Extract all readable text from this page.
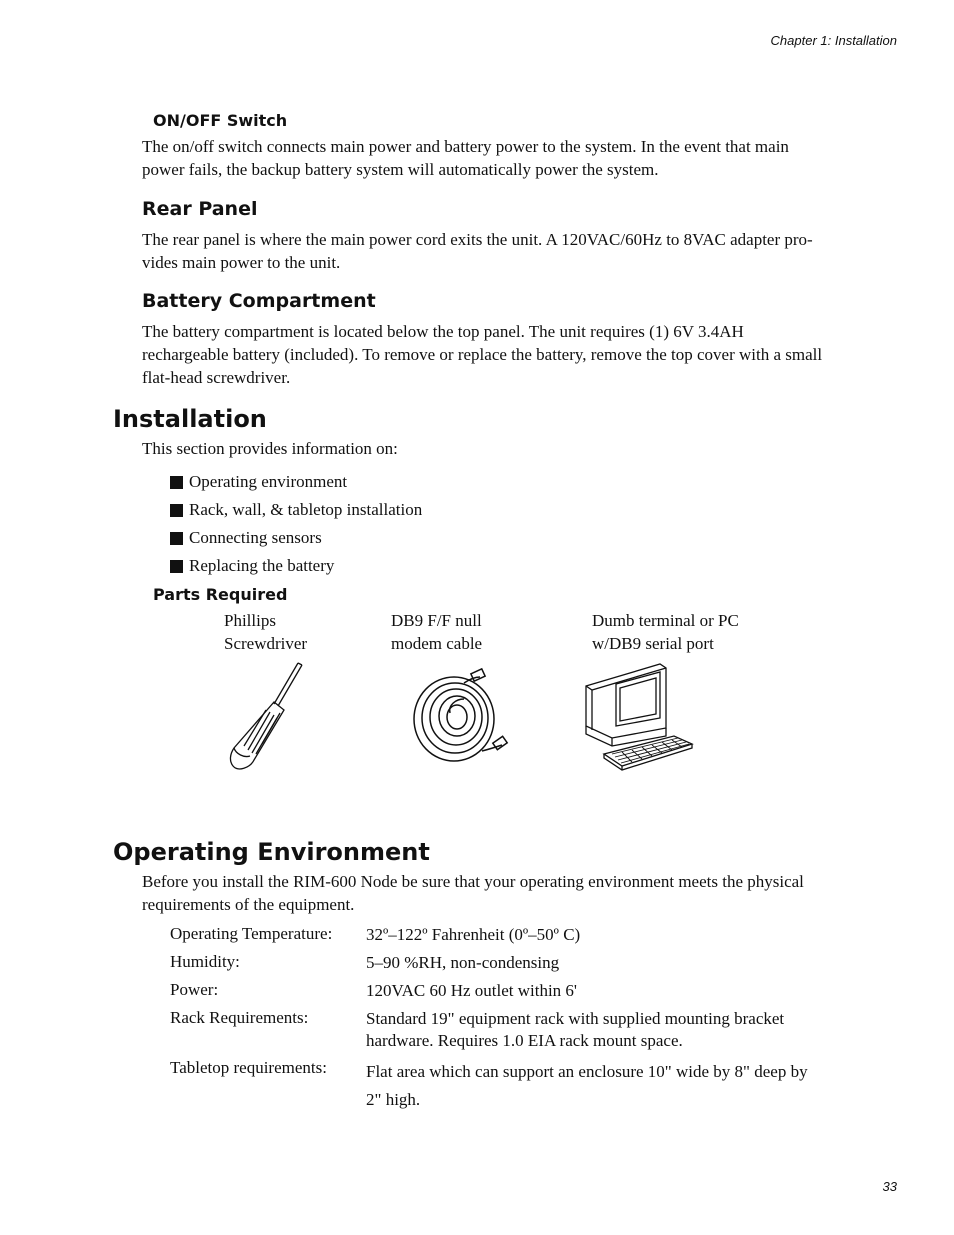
Chapter 1: Installation
ON/OFF Switch
The on/off switch connects main power and battery power to the system. In the event that main
power fails, the backup battery system will automatically power the system.
Rear Panel
The rear panel is where the main power cord exits the unit. A 120VAC/60Hz to 8VAC adapter pro-
vides main power to the unit.
Battery Compartment
The battery compartment is located below the top panel. The unit requires (1) 6V 3.4AH
rechargeable battery (included). To remove or replace the battery, remove the top cover with a small
flat-head screwdriver.
Installation
This section provides information on:
Operating environment
Rack, wall, & tabletop installation
Connecting sensors
Replacing the battery
Parts Required
Phillips
Screwdriver
DB9 F/F null
modem cable
Dumb terminal or PC
w/DB9 serial port
Operating Environment
Before you install the RIM-600 Node be sure that your operating environment meets the physical
requirements of the equipment.
Operating Temperature: 32º–122º Fahrenheit (0º–50º C)
Humidity:	5–90 %RH, non-condensing
Power:	120VAC 60 Hz outlet within 6'
Rack Requirements:	Standard 19" equipment rack with supplied mounting bracket
hardware. Requires 1.0 EIA rack mount space.
Tabletop requirements: Flat area which can support an enclosure 10" wide by 8" deep by
2" high.
33
